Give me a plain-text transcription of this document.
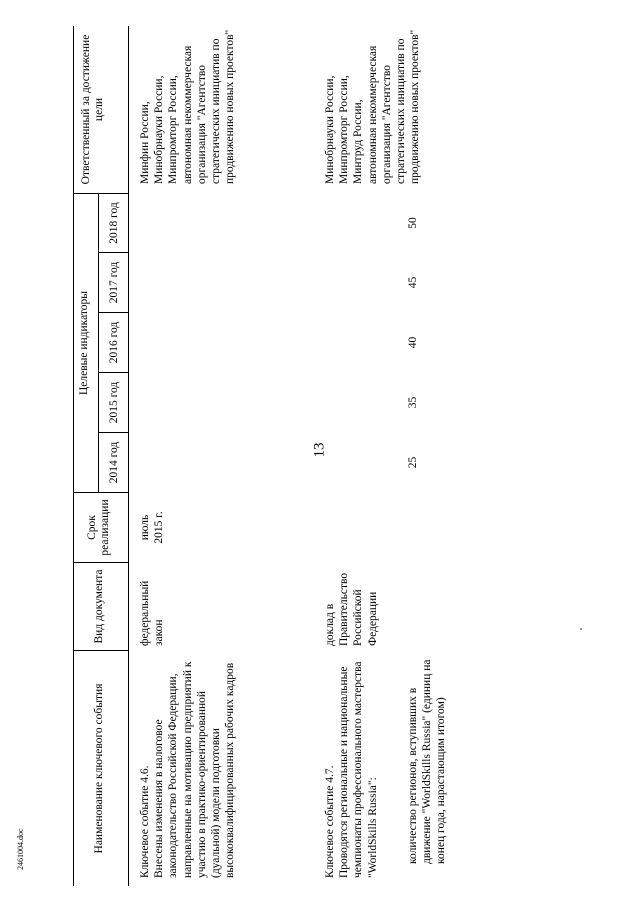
13
2461004.doc	Наименование ключевого события
Вид документа
Срок реализации
Целевые индикаторы
2014 год
2015 год
2016 год
2017 год
2018 год
Ответственный за достижение цели
Ключевое событие 4.6.
Внесены изменения в налоговое законодательство Российской Федерации, направленные на мотивацию предприятий к участию в практико-ориентированной (дуальной) модели подготовки высококвалифицированных рабочих кадров
федеральный закон
июль
2015 г.
Минфин России,
Минобрнауки России,
Минпромторг России,
автономная некоммерческая организация "Агентство стратегических инициатив по продвижению новых проектов"
Ключевое событие 4.7.
Проводятся региональные и национальные чемпионаты профессионального мастерства "WorldSkills Russia":
доклад в Правительство Российской Федерации
Минобрнауки России,
Минпромторг России,
Минтруд России,
автономная некоммерческая организация "Агентство стратегических инициатив по продвижению новых проектов"
количество регионов, вступивших в движение "WorldSkills Russia" (единиц на конец года, нарастающим итогом)
25
35
40
45
50
